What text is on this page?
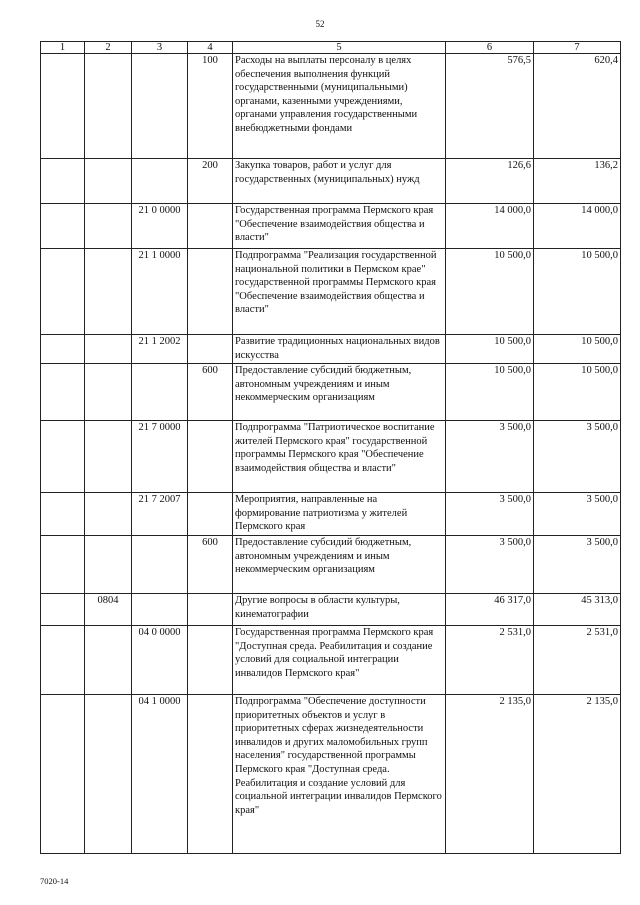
52
1	2	3	4	5	6	7
			100	Расходы на выплаты персоналу в целях обеспечения выполнения функций государственными (муниципальными) органами, казенными учреждениями, органами управления государственными внебюджетными фондами	576,5	620,4
			200	Закупка товаров, работ и услуг для государственных (муниципальных) нужд	126,6	136,2
		21 0 0000		Государственная программа Пермского края "Обеспечение взаимодействия общества и власти"	14 000,0	14 000,0
		21 1 0000		Подпрограмма "Реализация государственной национальной политики в Пермском крае" государственной программы Пермского края "Обеспечение взаимодействия общества и власти"	10 500,0	10 500,0
		21 1 2002		Развитие традиционных национальных видов искусства	10 500,0	10 500,0
			600	Предоставление субсидий бюджетным, автономным учреждениям и иным некоммерческим организациям	10 500,0	10 500,0
		21 7 0000		Подпрограмма "Патриотическое воспитание жителей Пермского края" государственной программы Пермского края "Обеспечение взаимодействия общества и власти"	3 500,0	3 500,0
		21 7 2007		Мероприятия, направленные на формирование патриотизма у жителей Пермского края	3 500,0	3 500,0
			600	Предоставление субсидий бюджетным, автономным учреждениям и иным некоммерческим организациям	3 500,0	3 500,0
	0804			Другие вопросы в области культуры, кинематографии	46 317,0	45 313,0
		04 0 0000		Государственная программа Пермского края "Доступная среда. Реабилитация и создание условий для социальной интеграции инвалидов Пермского края"	2 531,0	2 531,0
		04 1 0000		Подпрограмма "Обеспечение доступности приоритетных объектов и услуг в приоритетных сферах жизнедеятельности инвалидов и других маломобильных групп населения" государственной программы Пермского края "Доступная среда. Реабилитация и создание условий для социальной интеграции инвалидов Пермского края"	2 135,0	2 135,0
7020-14
